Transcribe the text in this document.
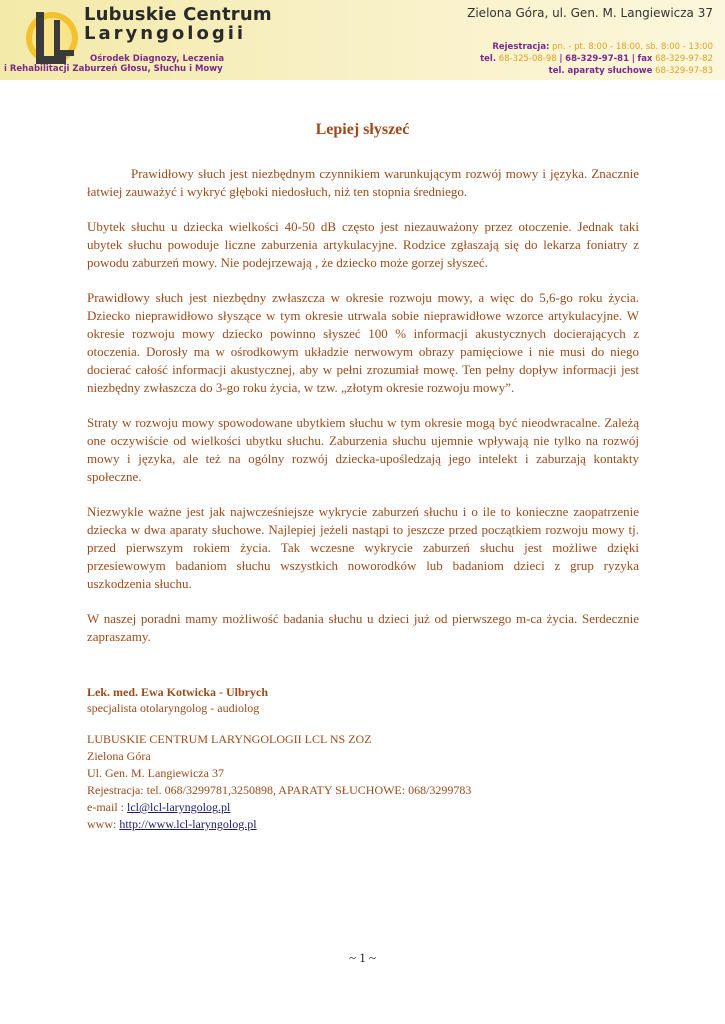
Lubuskie Centrum
Laryngologii
Ośrodek Diagnozy, Leczenia
i Rehabilitacji Zaburzeń Głosu, Słuchu i Mowy
Zielona Góra, ul. Gen. M. Langiewicza 37
Rejestracja: pn. - pt. 8:00 - 18:00, sb. 8:00 - 13:00
tel. 68-325-08-98 | 68-329-97-81 | fax 68-329-97-82
tel. aparaty słuchowe 68-329-97-83
Lepiej słyszeć

Prawidłowy słuch jest niezbędnym czynnikiem warunkującym rozwój mowy i języka. Znacznie łatwiej zauważyć i wykryć głęboki niedosłuch, niż ten stopnia średniego.

Ubytek słuchu u dziecka wielkości 40-50 dB często jest niezauważony przez otoczenie. Jednak taki ubytek słuchu powoduje liczne zaburzenia artykulacyjne. Rodzice zgłaszają się do lekarza foniatry z powodu zaburzeń mowy. Nie podejrzewają , że dziecko może gorzej słyszeć.

Prawidłowy słuch jest niezbędny zwłaszcza w okresie rozwoju mowy, a więc do 5,6-go roku życia. Dziecko nieprawidłowo słyszące w tym okresie utrwala sobie nieprawidłowe wzorce artykulacyjne. W okresie rozwoju mowy dziecko powinno słyszeć 100 % informacji akustycznych docierających z otoczenia. Dorosły ma w ośrodkowym układzie nerwowym obrazy pamięciowe i nie musi do niego docierać całość informacji akustycznej, aby w pełni zrozumiał mowę. Ten pełny dopływ informacji jest niezbędny zwłaszcza do 3-go roku życia, w tzw. „złotym okresie rozwoju mowy”.

Straty w rozwoju mowy spowodowane ubytkiem słuchu w tym okresie mogą być nieodwracalne. Zależą one oczywiście od wielkości ubytku słuchu. Zaburzenia słuchu ujemnie wpływają nie tylko na rozwój mowy i języka, ale też na ogólny rozwój dziecka-upośledzają jego intelekt i zaburzają kontakty społeczne.

Niezwykle ważne jest jak najwcześniejsze wykrycie zaburzeń słuchu i o ile to konieczne zaopatrzenie dziecka w dwa aparaty słuchowe. Najlepiej jeżeli nastąpi to jeszcze przed początkiem rozwoju mowy tj. przed pierwszym rokiem życia. Tak wczesne wykrycie zaburzeń słuchu jest możliwe dzięki przesiewowym badaniom słuchu wszystkich noworodków lub badaniom dzieci z grup ryzyka uszkodzenia słuchu.

W naszej poradni mamy możliwość badania słuchu u dzieci już od pierwszego m-ca życia. Serdecznie zapraszamy.

Lek. med. Ewa Kotwicka - Ulbrych
specjalista otolaryngolog - audiolog
LUBUSKIE CENTRUM LARYNGOLOGII LCL NS ZOZ
Zielona Góra
Ul. Gen. M. Langiewicza 37
Rejestracja: tel. 068/3299781,3250898, APARATY SŁUCHOWE: 068/3299783
e-mail : lcl@lcl-laryngolog.pl
www: http://www.lcl-laryngolog.pl
~ 1 ~
